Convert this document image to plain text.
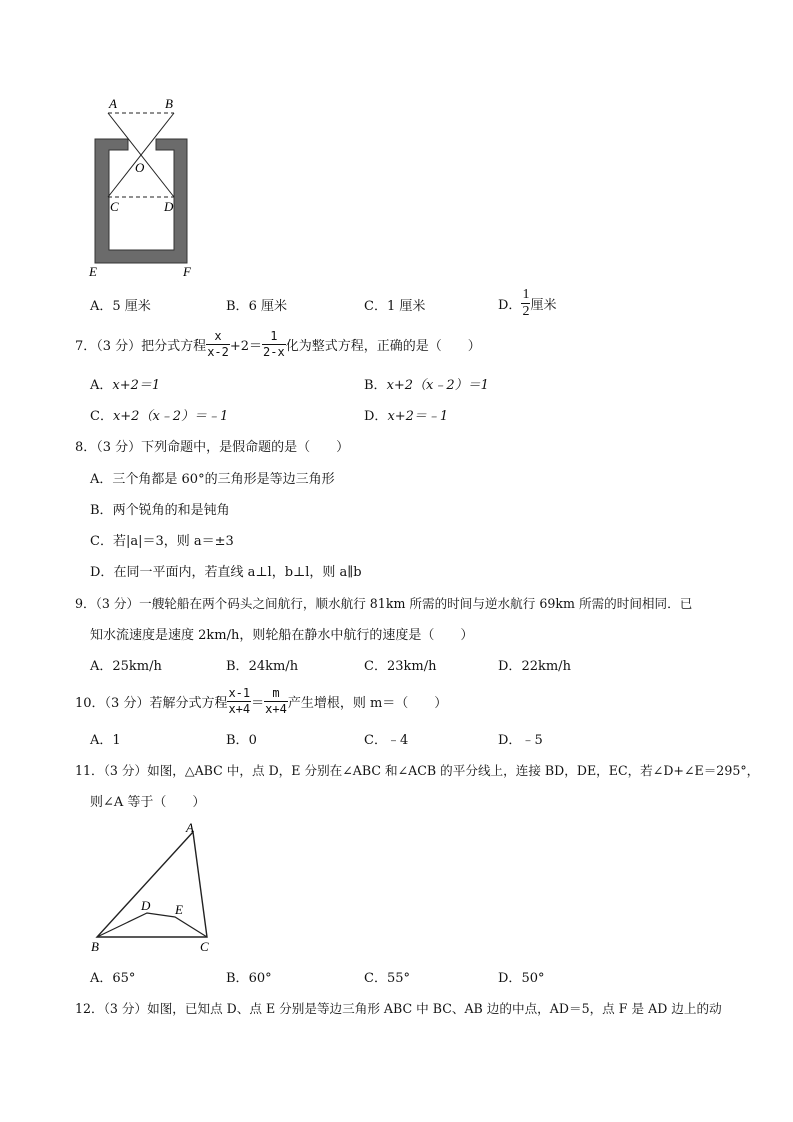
A	B
O
C	D
E	F
A．5 厘米	B．6 厘米	C．1 厘米	D． $\frac{1}{2}$ 厘米
7．（3 分）把分式方程 $\frac{x}{x-2} +2= \frac{1}{2-x}$ 化为整式方程，正确的是（　　）
A．x+2＝1	B．x+2（x﹣2）＝1
C．x+2（x﹣2）＝﹣1	D．x+2＝﹣1
8．（3 分）下列命题中，是假命题的是（　　）
A．三个角都是 60°的三角形是等边三角形
B．两个锐角的和是钝角
C．若|a|＝3，则 a＝±3
D．在同一平面内，若直线 a⊥l，b⊥l，则 a∥b
9．（3 分）一艘轮船在两个码头之间航行，顺水航行 81km 所需的时间与逆水航行 69km 所需的时间相同．已
知水流速度是速度 2km/h，则轮船在静水中航行的速度是（　　）
A．25km/h	B．24km/h	C．23km/h	D．22km/h
10．（3 分）若解分式方程 $\frac{x-1}{x+4} = \frac{m}{x+4}$ 产生增根，则 m＝（　　）
A．1	B．0	C．﹣4	D．﹣5
11．（3 分）如图，△ABC 中，点 D，E 分别在∠ABC 和∠ACB 的平分线上，连接 BD，DE，EC，若∠D+∠E＝295°，
则∠A 等于（　　）
A
B	C
D E
A．65°	B．60°	C．55°	D．50°
12．（3 分）如图，已知点 D、点 E 分别是等边三角形 ABC 中 BC、AB 边的中点，AD＝5，点 F 是 AD 边上的动
